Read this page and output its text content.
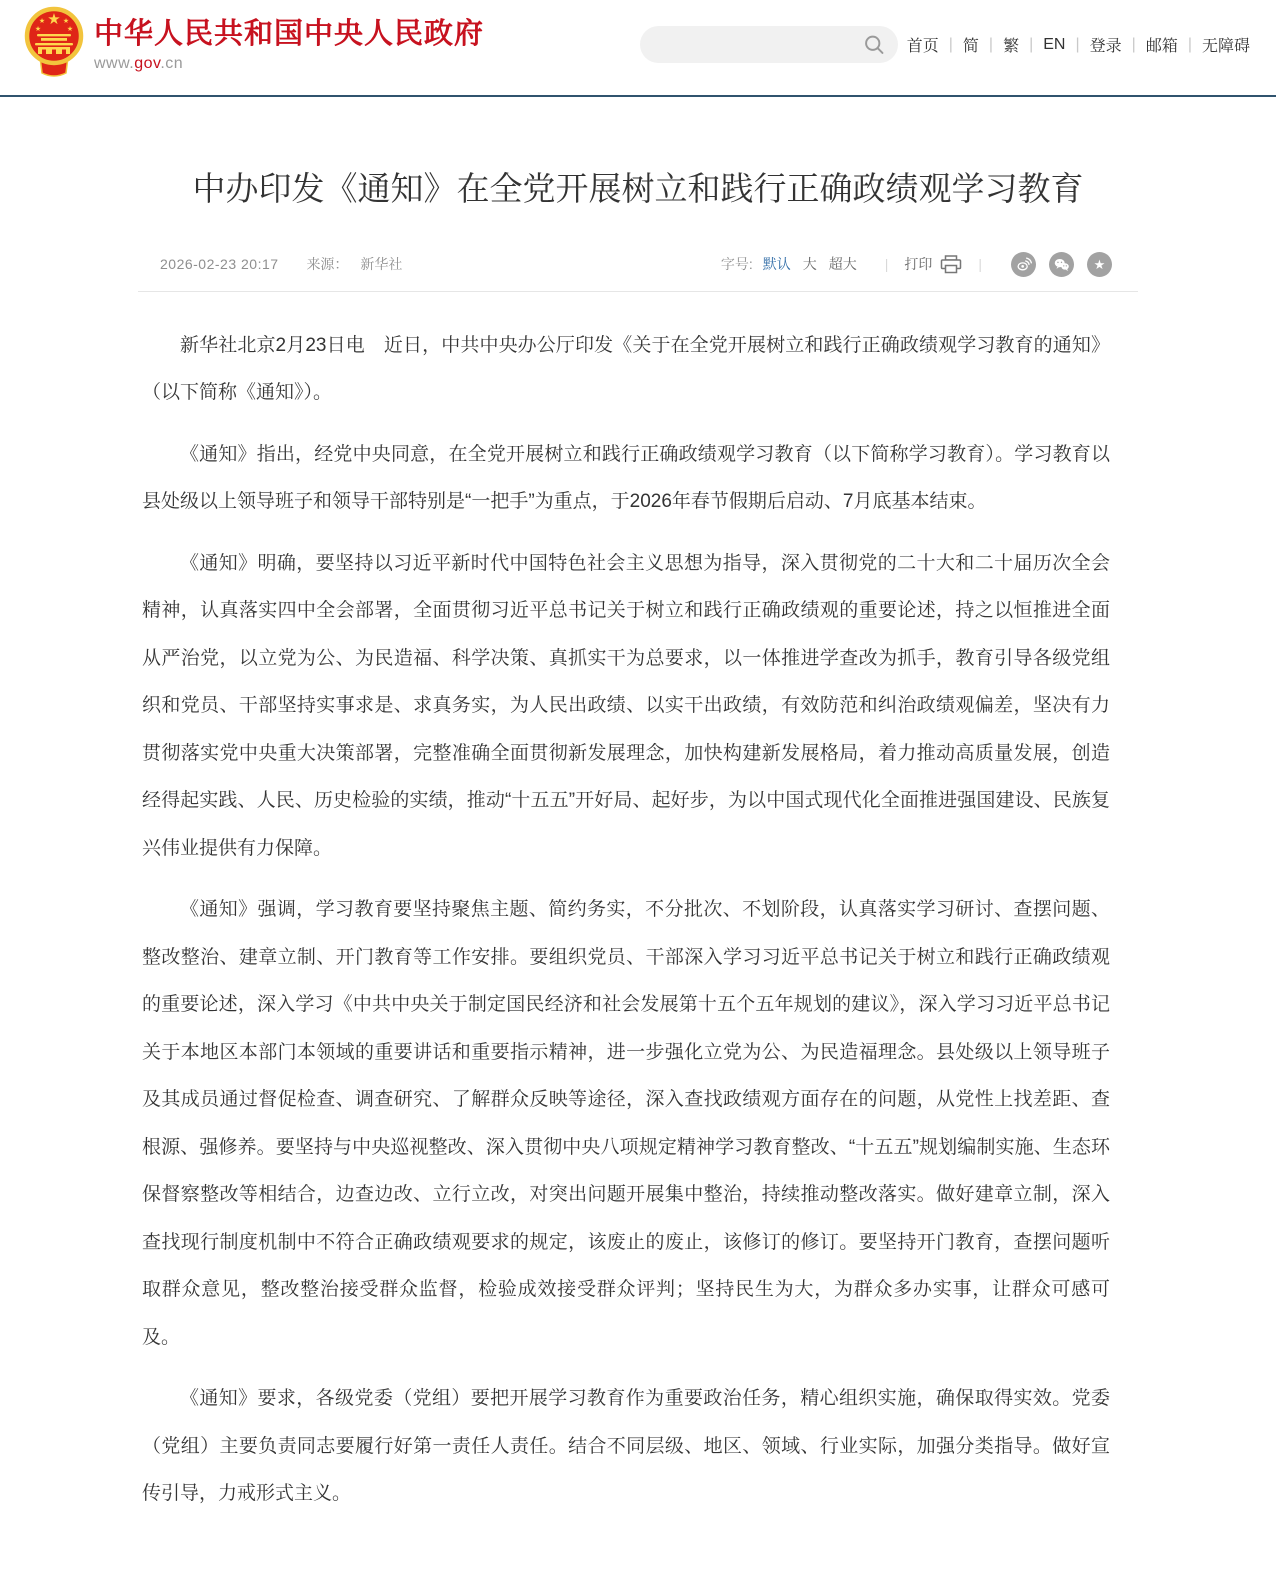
★
★	★
★	★ 中华人民共和国中央人民政府
www.gov.cn
首页 | 简 | 繁 | EN | 登录 | 邮箱 | 无障碍
中办印发《通知》在全党开展树立和践行正确政绩观学习教育
2026-02-23 20:17 来源： 新华社	字号: 默认 大 超大 | 打印	|	★

新华社北京2月23日电　近日，中共中央办公厅印发《关于在全党开展树立和践行正确政绩观学习教育的通知》（以下简称《通知》）。

《通知》指出，经党中央同意，在全党开展树立和践行正确政绩观学习教育（以下简称学习教育）。学习教育以县处级以上领导班子和领导干部特别是“一把手”为重点，于2026年春节假期后启动、7月底基本结束。

《通知》明确，要坚持以习近平新时代中国特色社会主义思想为指导，深入贯彻党的二十大和二十届历次全会精神，认真落实四中全会部署，全面贯彻习近平总书记关于树立和践行正确政绩观的重要论述，持之以恒推进全面从严治党，以立党为公、为民造福、科学决策、真抓实干为总要求，以一体推进学查改为抓手，教育引导各级党组织和党员、干部坚持实事求是、求真务实，为人民出政绩、以实干出政绩，有效防范和纠治政绩观偏差，坚决有力贯彻落实党中央重大决策部署，完整准确全面贯彻新发展理念，加快构建新发展格局，着力推动高质量发展，创造经得起实践、人民、历史检验的实绩，推动“十五五”开好局、起好步，为以中国式现代化全面推进强国建设、民族复兴伟业提供有力保障。

《通知》强调，学习教育要坚持聚焦主题、简约务实，不分批次、不划阶段，认真落实学习研讨、查摆问题、整改整治、建章立制、开门教育等工作安排。要组织党员、干部深入学习习近平总书记关于树立和践行正确政绩观的重要论述，深入学习《中共中央关于制定国民经济和社会发展第十五个五年规划的建议》，深入学习习近平总书记关于本地区本部门本领域的重要讲话和重要指示精神，进一步强化立党为公、为民造福理念。县处级以上领导班子及其成员通过督促检查、调查研究、了解群众反映等途径，深入查找政绩观方面存在的问题，从党性上找差距、查根源、强修养。要坚持与中央巡视整改、深入贯彻中央八项规定精神学习教育整改、“十五五”规划编制实施、生态环保督察整改等相结合，边查边改、立行立改，对突出问题开展集中整治，持续推动整改落实。做好建章立制，深入查找现行制度机制中不符合正确政绩观要求的规定，该废止的废止，该修订的修订。要坚持开门教育，查摆问题听取群众意见，整改整治接受群众监督，检验成效接受群众评判；坚持民生为大，为群众多办实事，让群众可感可及。

《通知》要求，各级党委（党组）要把开展学习教育作为重要政治任务，精心组织实施，确保取得实效。党委（党组）主要负责同志要履行好第一责任人责任。结合不同层级、地区、领域、行业实际，加强分类指导。做好宣传引导，力戒形式主义。
